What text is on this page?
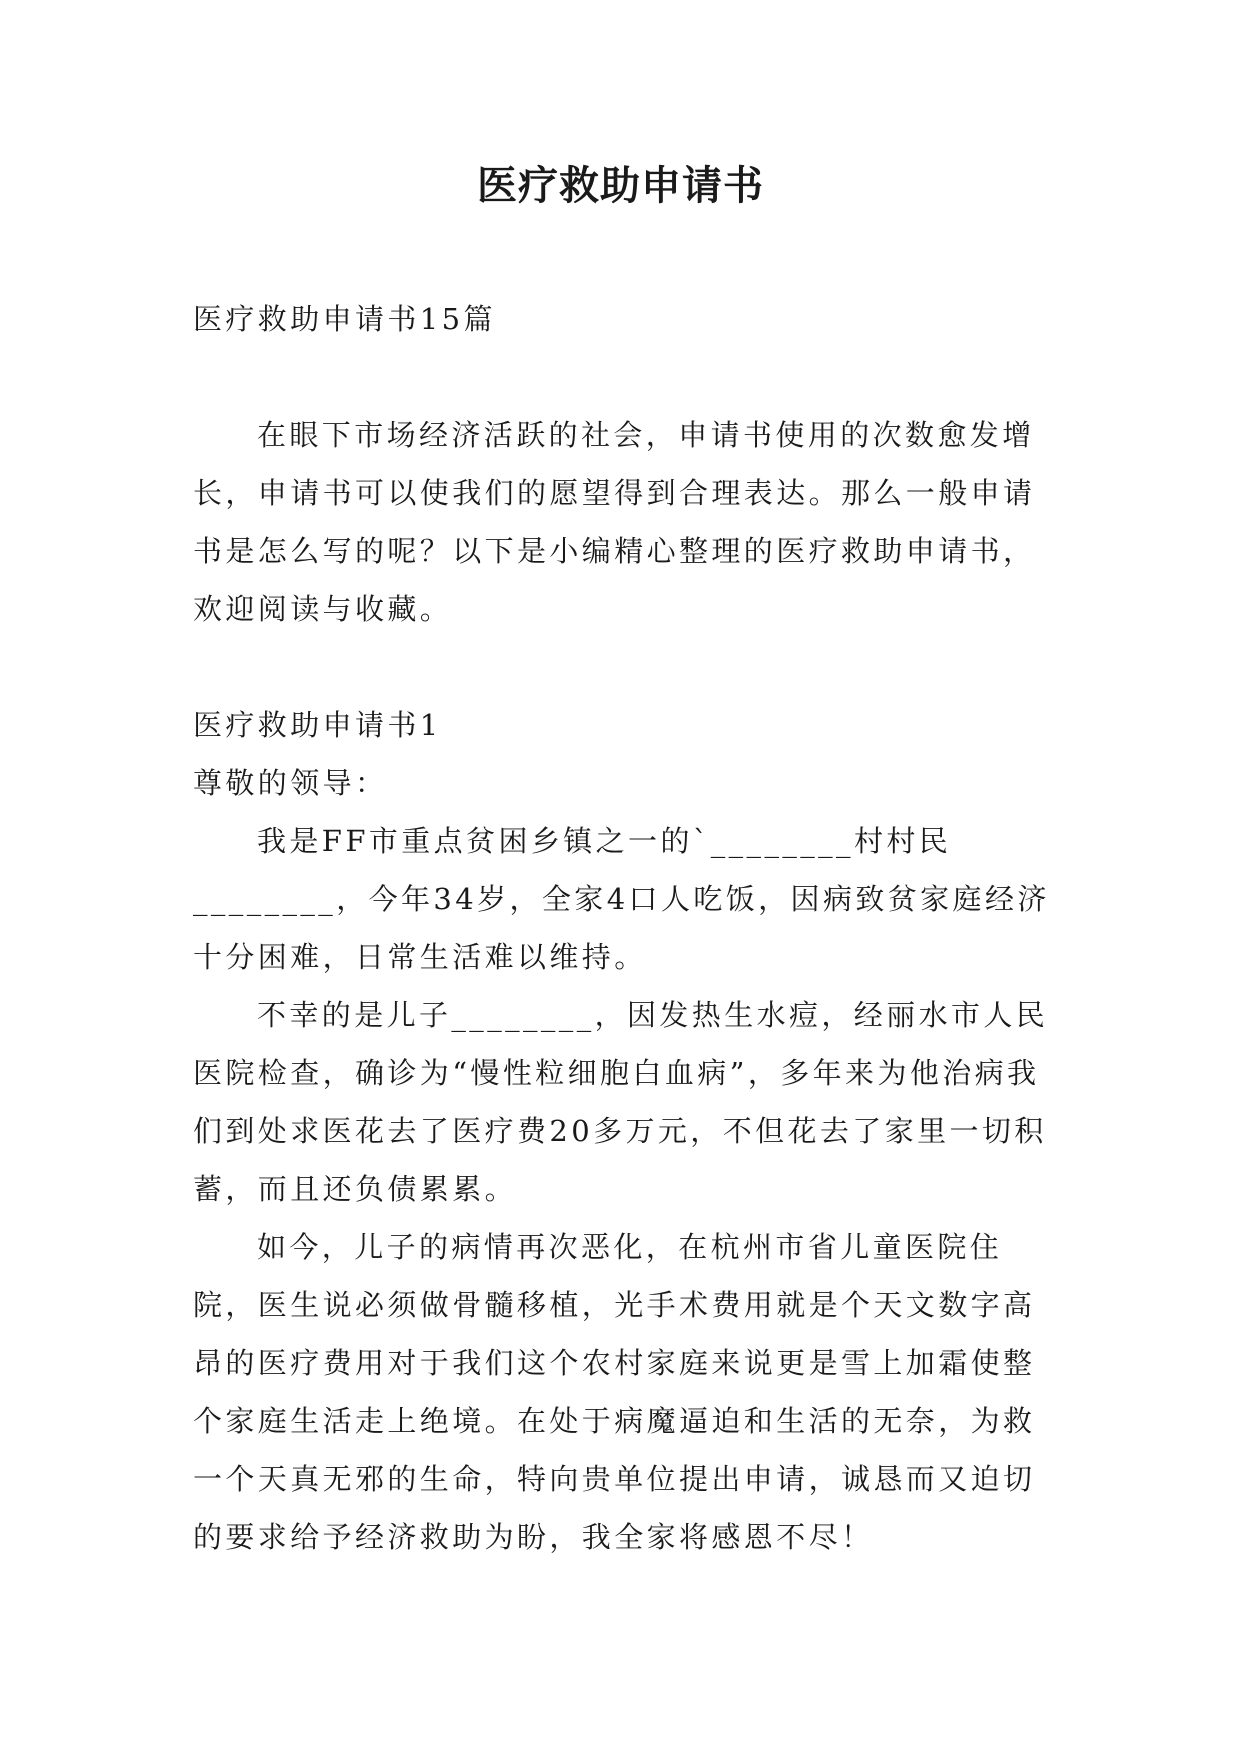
医疗救助申请书

医疗救助申请书15篇

在眼下市场经济活跃的社会，申请书使用的次数愈发增长，申请书可以使我们的愿望得到合理表达。那么一般申请书是怎么写的呢？以下是小编精心整理的医疗救助申请书，欢迎阅读与收藏。

医疗救助申请书1

尊敬的领导：

我是FF市重点贫困乡镇之一的`________村村民________，今年34岁，全家4口人吃饭，因病致贫家庭经济十分困难，日常生活难以维持。

不幸的是儿子________，因发热生水痘，经丽水市人民医院检查，确诊为“慢性粒细胞白血病”，多年来为他治病我们到处求医花去了医疗费20多万元，不但花去了家里一切积蓄，而且还负债累累。

如今，儿子的病情再次恶化，在杭州市省儿童医院住院，医生说必须做骨髓移植，光手术费用就是个天文数字高昂的医疗费用对于我们这个农村家庭来说更是雪上加霜使整个家庭生活走上绝境。在处于病魔逼迫和生活的无奈，为救一个天真无邪的生命，特向贵单位提出申请，诚恳而又迫切的要求给予经济救助为盼，我全家将感恩不尽！
